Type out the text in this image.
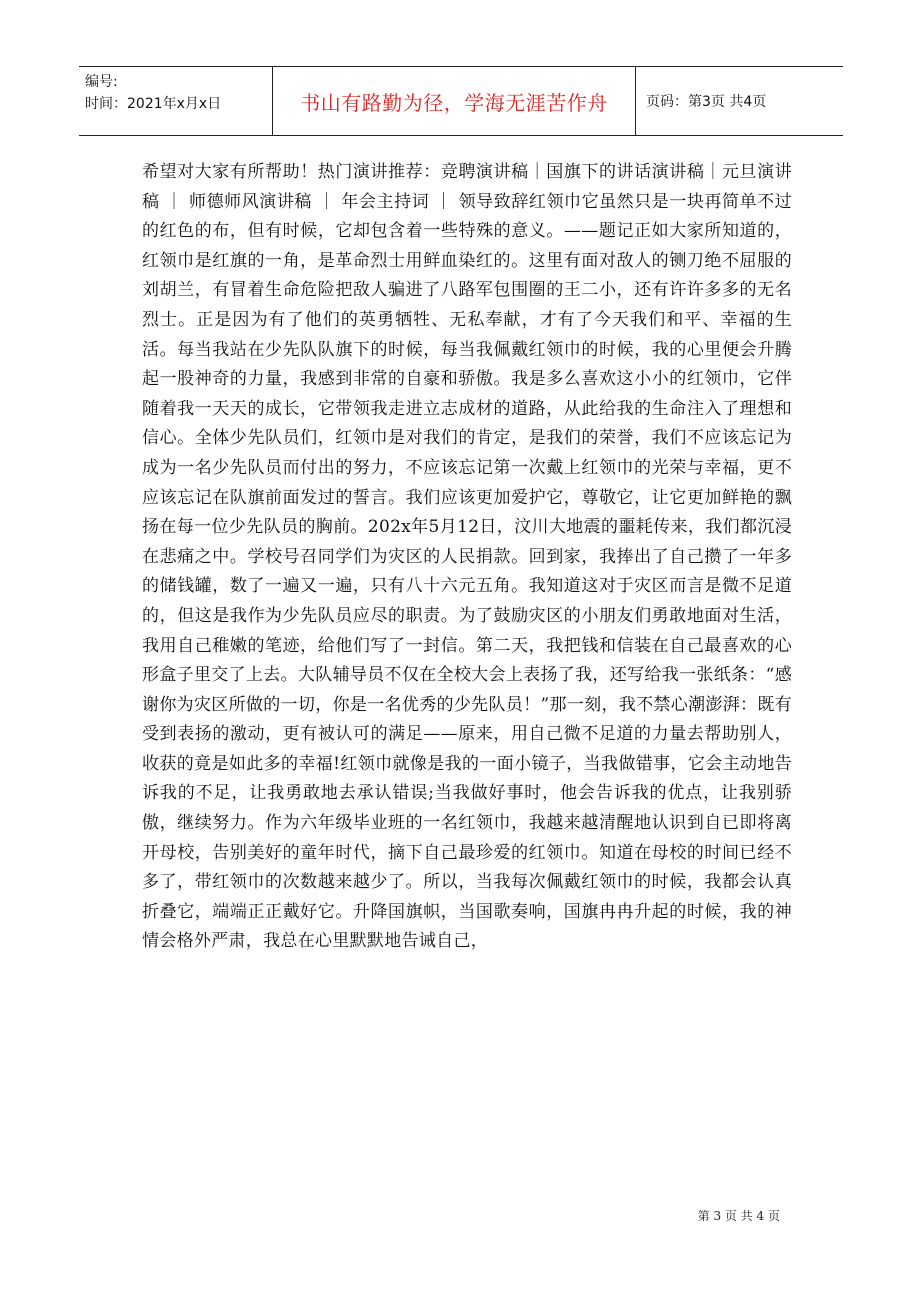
编号:
时间：2021年x月x日	书山有路勤为径，学海无涯苦作舟	页码：第3页 共4页

希望对大家有所帮助！热门演讲推荐：竞聘演讲稿｜国旗下的讲话演讲稿｜元旦演讲稿 ｜ 师德师风演讲稿 ｜ 年会主持词 ｜ 领导致辞红领巾它虽然只是一块再简单不过的红色的布，但有时候，它却包含着一些特殊的意义。——题记正如大家所知道的，红领巾是红旗的一角，是革命烈士用鲜血染红的。这里有面对敌人的铡刀绝不屈服的刘胡兰，有冒着生命危险把敌人骗进了八路军包围圈的王二小，还有许许多多的无名烈士。正是因为有了他们的英勇牺牲、无私奉献，才有了今天我们和平、幸福的生活。每当我站在少先队队旗下的时候，每当我佩戴红领巾的时候，我的心里便会升腾起一股神奇的力量，我感到非常的自豪和骄傲。我是多么喜欢这小小的红领巾，它伴随着我一天天的成长，它带领我走进立志成材的道路，从此给我的生命注入了理想和信心。全体少先队员们，红领巾是对我们的肯定，是我们的荣誉，我们不应该忘记为成为一名少先队员而付出的努力，不应该忘记第一次戴上红领巾的光荣与幸福，更不应该忘记在队旗前面发过的誓言。我们应该更加爱护它，尊敬它，让它更加鲜艳的飘扬在每一位少先队员的胸前。202x年5月12日，汶川大地震的噩耗传来，我们都沉浸在悲痛之中。学校号召同学们为灾区的人民捐款。回到家，我捧出了自己攒了一年多的储钱罐，数了一遍又一遍，只有八十六元五角。我知道这对于灾区而言是微不足道的，但这是我作为少先队员应尽的职责。为了鼓励灾区的小朋友们勇敢地面对生活，我用自己稚嫩的笔迹，给他们写了一封信。第二天，我把钱和信装在自己最喜欢的心形盒子里交了上去。大队辅导员不仅在全校大会上表扬了我，还写给我一张纸条：“感谢你为灾区所做的一切，你是一名优秀的少先队员！”那一刻，我不禁心潮澎湃：既有受到表扬的激动，更有被认可的满足——原来，用自己微不足道的力量去帮助别人，收获的竟是如此多的幸福!红领巾就像是我的一面小镜子，当我做错事，它会主动地告诉我的不足，让我勇敢地去承认错误;当我做好事时，他会告诉我的优点，让我别骄傲，继续努力。作为六年级毕业班的一名红领巾，我越来越清醒地认识到自已即将离开母校，告别美好的童年时代，摘下自己最珍爱的红领巾。知道在母校的时间已经不多了，带红领巾的次数越来越少了。所以，当我每次佩戴红领巾的时候，我都会认真折叠它，端端正正戴好它。升降国旗帜，当国歌奏响，国旗冉冉升起的时候，我的神情会格外严肃，我总在心里默默地告诫自己，

第 3 页 共 4 页
